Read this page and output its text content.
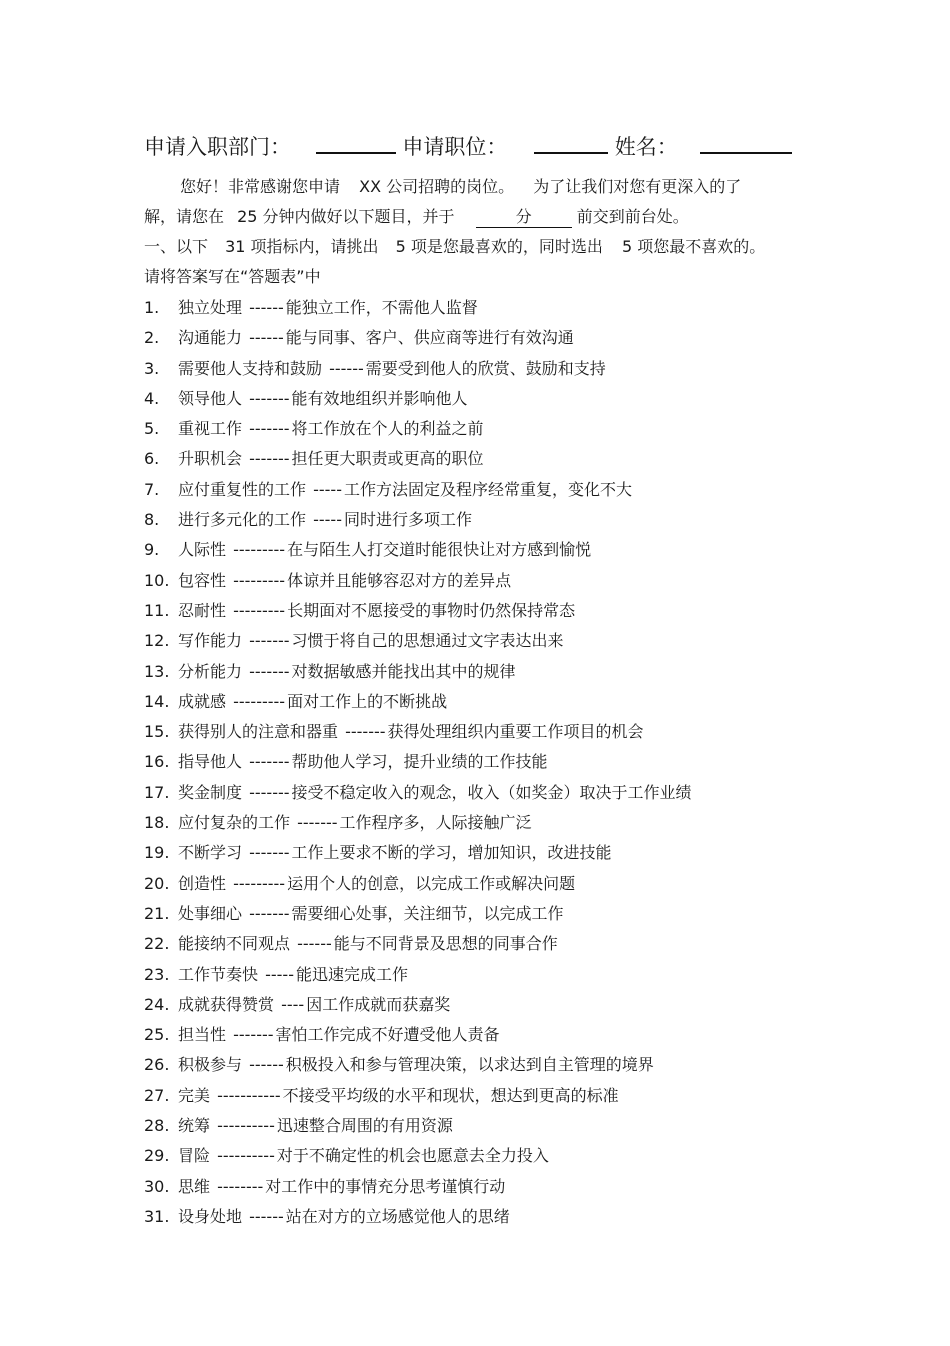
申请入职部门：	申请职位：	姓名：
您好！非常感谢您申请 XX 公司招聘的岗位。 为了让我们对您有更深入的了
解，请您在 25 分钟内做好以下题目，并于	分	前交到前台处。
一、以下 31 项指标内，请挑出 5 项是您最喜欢的，同时选出 5 项您最不喜欢的。
请将答案写在“答题表”中
1. 独立处理 ------ 能独立工作，不需他人监督
2. 沟通能力 ------ 能与同事、客户、供应商等进行有效沟通
3. 需要他人支持和鼓励 ------ 需要受到他人的欣赏、鼓励和支持
4. 领导他人 ------- 能有效地组织并影响他人
5. 重视工作 ------- 将工作放在个人的利益之前
6. 升职机会 ------- 担任更大职责或更高的职位
7. 应付重复性的工作 ----- 工作方法固定及程序经常重复，变化不大
8. 进行多元化的工作 ----- 同时进行多项工作
9. 人际性 --------- 在与陌生人打交道时能很快让对方感到愉悦
10. 包容性 --------- 体谅并且能够容忍对方的差异点
11. 忍耐性 --------- 长期面对不愿接受的事物时仍然保持常态
12. 写作能力 ------- 习惯于将自己的思想通过文字表达出来
13. 分析能力 ------- 对数据敏感并能找出其中的规律
14. 成就感 --------- 面对工作上的不断挑战
15. 获得别人的注意和器重 ------- 获得处理组织内重要工作项目的机会
16. 指导他人 ------- 帮助他人学习，提升业绩的工作技能
17. 奖金制度 ------- 接受不稳定收入的观念，收入（如奖金）取决于工作业绩
18. 应付复杂的工作 ------- 工作程序多，人际接触广泛
19. 不断学习 ------- 工作上要求不断的学习，增加知识，改进技能
20. 创造性 --------- 运用个人的创意，以完成工作或解决问题
21. 处事细心 ------- 需要细心处事，关注细节，以完成工作
22. 能接纳不同观点 ------ 能与不同背景及思想的同事合作
23. 工作节奏快 ----- 能迅速完成工作
24. 成就获得赞赏 ---- 因工作成就而获嘉奖
25. 担当性 ------- 害怕工作完成不好遭受他人责备
26. 积极参与 ------ 积极投入和参与管理决策，以求达到自主管理的境界
27. 完美 ----------- 不接受平均级的水平和现状，想达到更高的标准
28. 统筹 ---------- 迅速整合周围的有用资源
29. 冒险 ---------- 对于不确定性的机会也愿意去全力投入
30. 思维 -------- 对工作中的事情充分思考谨慎行动
31. 设身处地 ------ 站在对方的立场感觉他人的思绪
